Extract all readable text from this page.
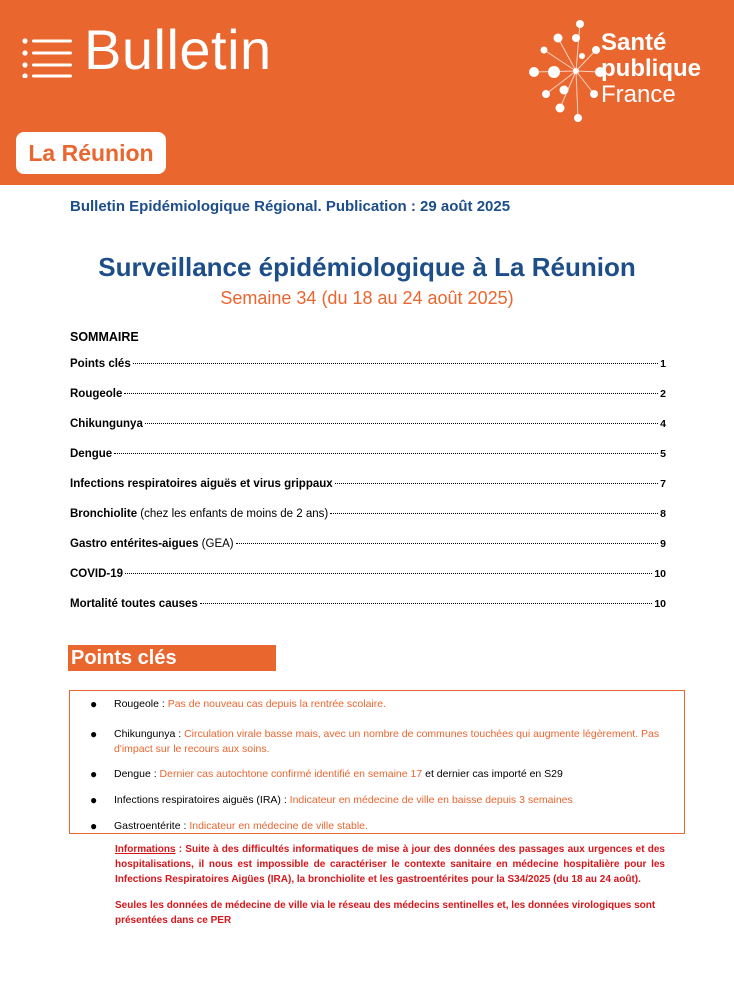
Bulletin	Santé
publique
France
La Réunion
Bulletin Epidémiologique Régional. Publication : 29 août 2025
Surveillance épidémiologique à La Réunion
Semaine 34 (du 18 au 24 août 2025)
SOMMAIRE
Points clés	1
Rougeole	2
Chikungunya	4
Dengue	5
Infections respiratoires aiguës et virus grippaux	7
Bronchiolite (chez les enfants de moins de 2 ans)	8
Gastro entérites-aigues (GEA)	9
COVID-19	10
Mortalité toutes causes	10
Points clés
● Rougeole : Pas de nouveau cas depuis la rentrée scolaire.
● Chikungunya : Circulation virale basse mais, avec un nombre de communes touchées qui augmente légèrement. Pas d'impact sur le recours aux soins.
● Dengue : Dernier cas autochtone confirmé identifié en semaine 17 et dernier cas importé en S29
● Infections respiratoires aiguës (IRA) : Indicateur en médecine de ville en baisse depuis 3 semaines
● Gastroentérite : Indicateur en médecine de ville stable.
Informations : Suite à des difficultés informatiques de mise à jour des données des passages aux urgences et des hospitalisations, il nous est impossible de caractériser le contexte sanitaire en médecine hospitalière pour les Infections Respiratoires Aigües (IRA), la bronchiolite et les gastroentérites pour la S34/2025 (du 18 au 24 août).
Seules les données de médecine de ville via le réseau des médecins sentinelles et, les données virologiques sont présentées dans ce PER
